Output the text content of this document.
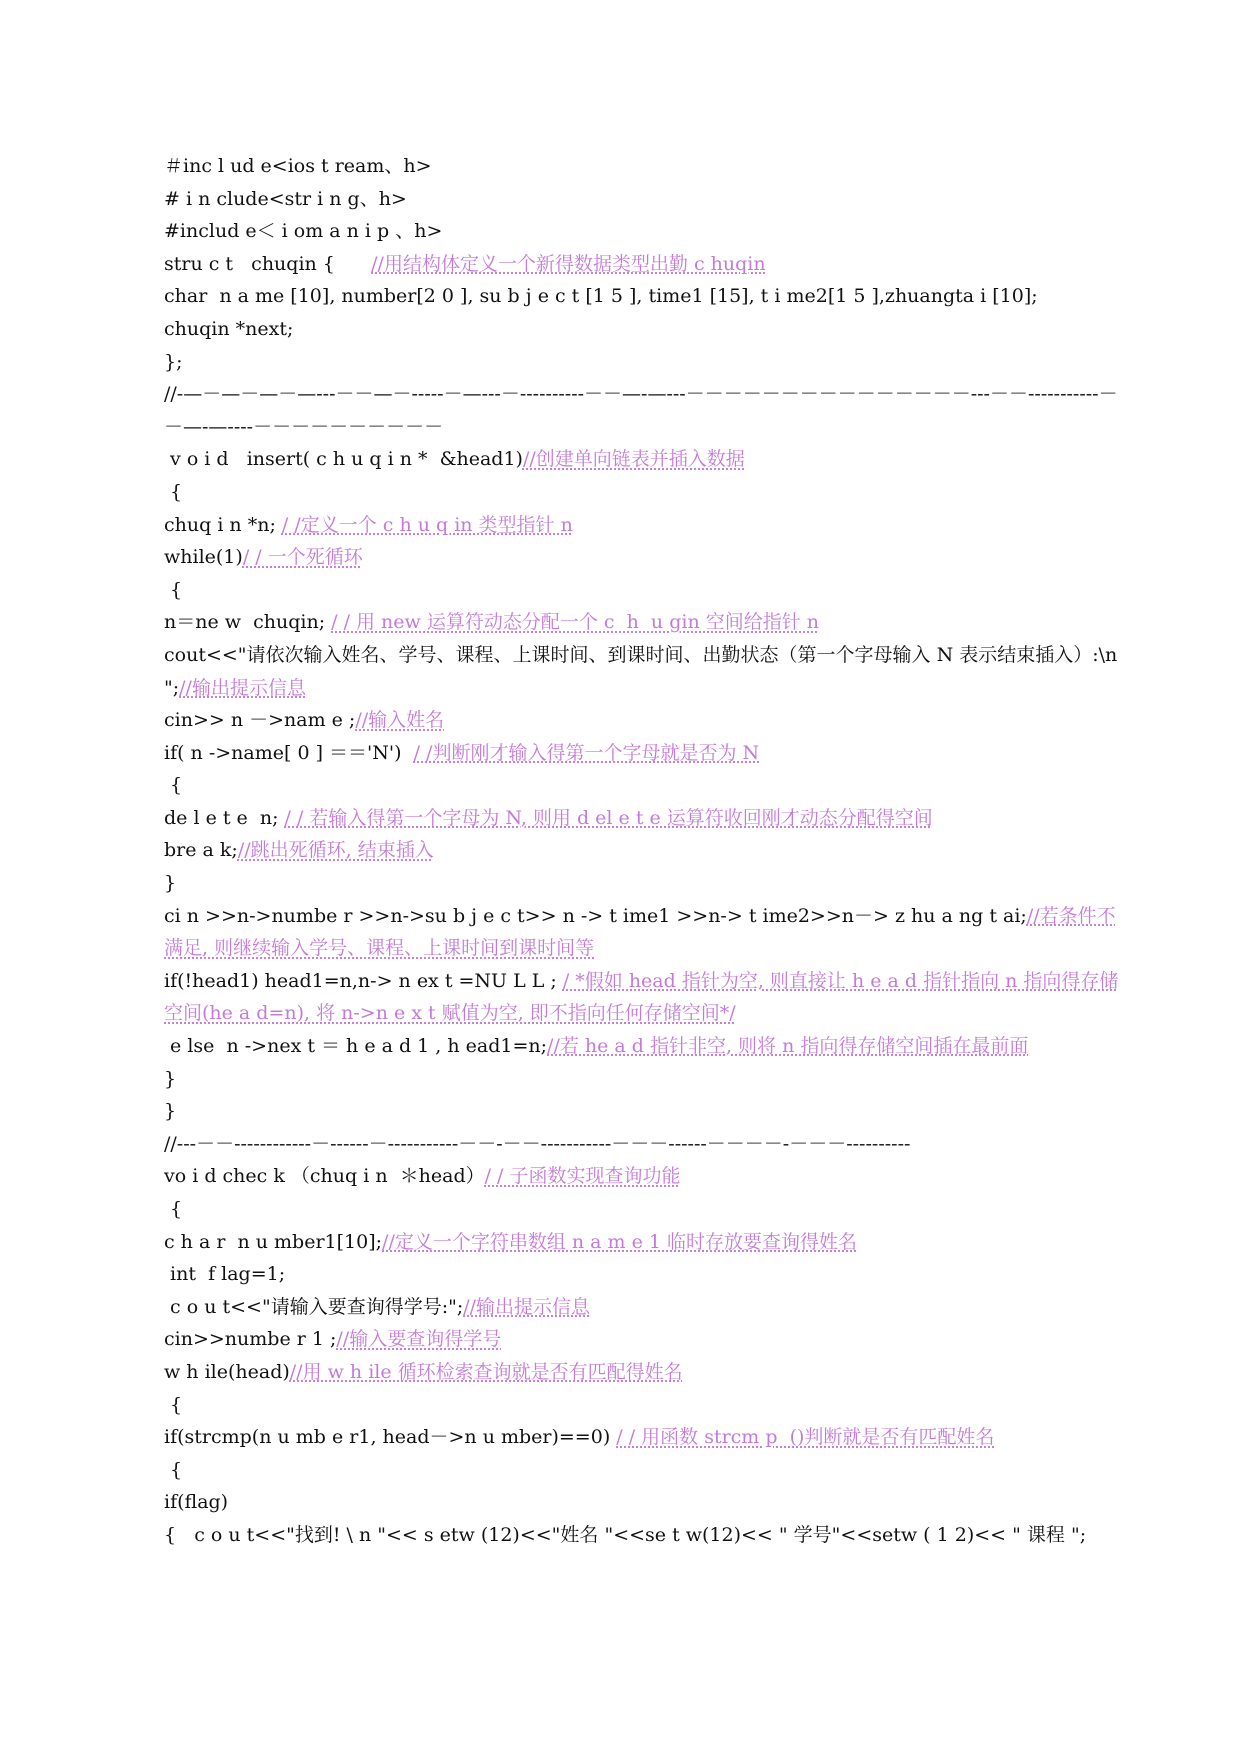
＃inc l ud e<ios t ream、h>
# i n clude<str i n g、h>
#includ e＜ i om a n i p 、h>
stru c t   chuqin {      //用结构体定义一个新得数据类型出勤 c huqin
char  n a me [10], number[2 0 ], su b j e c t [1 5 ], time1 [15], t i me2[1 5 ],zhuangta i [10];
chuqin *next;
};
//-—－—－—－—---－－—－-----－—---－----------－－—-—---－－－－－－－－－－－－－－－---－－-----------－－—-—----－－－－－－－－－－
v o i d   insert( c h u q i n *  &head1)//创建单向链表并插入数据
{
chuq i n *n; / /定义一个 c h u q in 类型指针 n
while(1)/ / 一个死循环
{
n＝ne w  chuqin; / / 用 new 运算符动态分配一个 c  h  u gin 空间给指针 n
cout<<"请依次输入姓名、学号、课程、上课时间、到课时间、出勤状态（第一个字母输入 N 表示结束插入）:\n ";//输出提示信息
cin>> n －>nam e ;//输入姓名
if( n ->name[ 0 ] ＝＝'N')  / /判断刚才输入得第一个字母就是否为 N
{
de l e t e  n; / / 若输入得第一个字母为 N, 则用 d el e t e 运算符收回刚才动态分配得空间
bre a k;//跳出死循环, 结束插入
}
ci n >>n->numbe r >>n->su b j e c t>> n -> t ime1 >>n-> t ime2>>n－> z hu a ng t ai;//若条件不满足, 则继续输入学号、课程、上课时间到课时间等
if(!head1) head1=n,n-> n ex t =NU L L ; / *假如 head 指针为空, 则直接让 h e a d 指针指向 n 指向得存储空间(he a d=n), 将 n->n e x t 赋值为空, 即不指向任何存储空间*/
e lse  n ->nex t ＝ h e a d 1 , h ead1=n;//若 he a d 指针非空, 则将 n 指向得存储空间插在最前面
}
}
//---－－------------－------－-----------－－-－－-----------－－－------－－－－-－－－----------
vo i d chec k （chuq i n  ＊head）/ / 子函数实现查询功能
{
c h a r  n u mber1[10];//定义一个字符串数组 n a m e 1 临时存放要查询得姓名
int  f lag=1;
c o u t<<"请输入要查询得学号:";//输出提示信息
cin>>numbe r 1 ;//输入要查询得学号
w h ile(head)//用 w h ile 循环检索查询就是否有匹配得姓名
{
if(strcmp(n u mb e r1, head－>n u mber)==0) / / 用函数 strcm p  ()判断就是否有匹配姓名
{
if(flag)
{   c o u t<<"找到! \ n "<< s etw (12)<<"姓名 "<<se t w(12)<< " 学号"<<setw ( 1 2)<< " 课程 ";
